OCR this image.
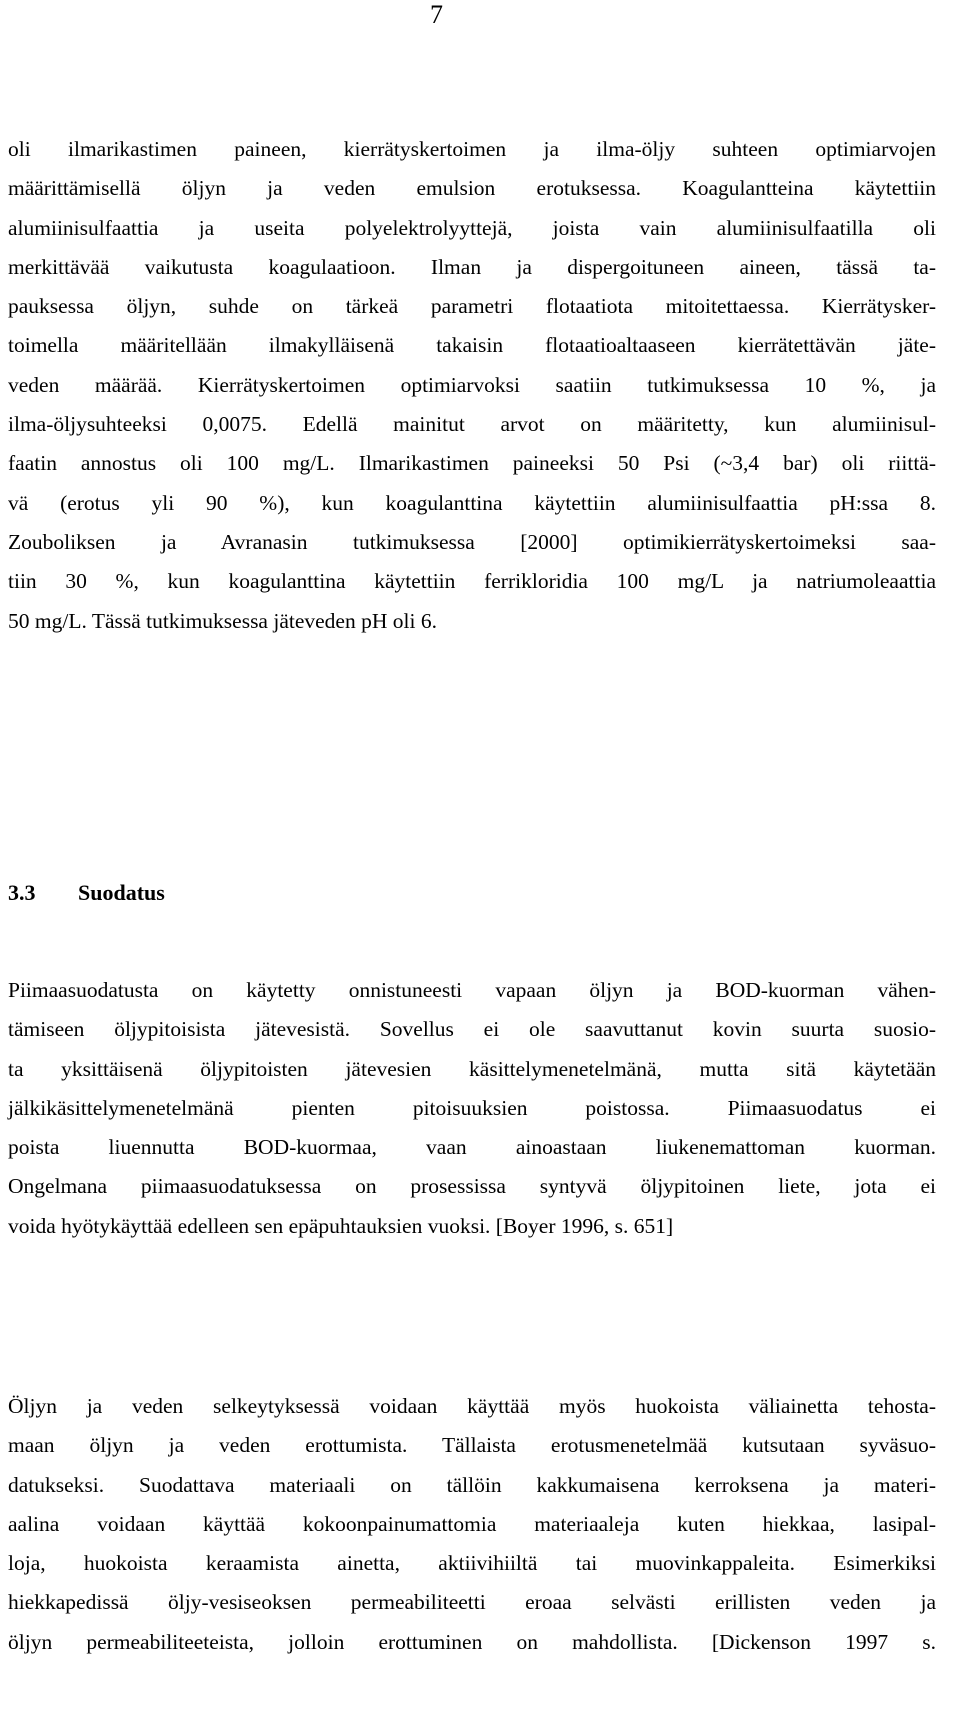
7
oli ilmarikastimen paineen, kierrätyskertoimen ja ilma-öljy suhteen optimiarvojen
määrittämisellä öljyn ja veden emulsion erotuksessa. Koagulantteina käytettiin
alumiinisulfaattia ja useita polyelektrolyyttejä, joista vain alumiinisulfaatilla oli
merkittävää vaikutusta koagulaatioon. Ilman ja dispergoituneen aineen, tässä ta-
pauksessa öljyn, suhde on tärkeä parametri flotaatiota mitoitettaessa. Kierrätysker-
toimella määritellään ilmakylläisenä takaisin flotaatioaltaaseen kierrätettävän jäte-
veden määrää. Kierrätyskertoimen optimiarvoksi saatiin tutkimuksessa 10 %, ja
ilma-öljysuhteeksi 0,0075. Edellä mainitut arvot on määritetty, kun alumiinisul-
faatin annostus oli 100 mg/L. Ilmarikastimen paineeksi 50 Psi (~3,4 bar) oli riittä-
vä (erotus yli 90 %), kun koagulanttina käytettiin alumiinisulfaattia pH:ssa 8.
Zouboliksen ja Avranasin tutkimuksessa [2000] optimikierrätyskertoimeksi saa-
tiin 30 %, kun koagulanttina käytettiin ferrikloridia 100 mg/L ja natriumoleaattia
50 mg/L. Tässä tutkimuksessa jäteveden pH oli 6.
3.3 Suodatus
Piimaasuodatusta on käytetty onnistuneesti vapaan öljyn ja BOD-kuorman vähen-
tämiseen öljypitoisista jätevesistä. Sovellus ei ole saavuttanut kovin suurta suosio-
ta yksittäisenä öljypitoisten jätevesien käsittelymenetelmänä, mutta sitä käytetään
jälkikäsittelymenetelmänä pienten pitoisuuksien poistossa. Piimaasuodatus ei
poista liuennutta BOD-kuormaa, vaan ainoastaan liukenemattoman kuorman.
Ongelmana piimaasuodatuksessa on prosessissa syntyvä öljypitoinen liete, jota ei
voida hyötykäyttää edelleen sen epäpuhtauksien vuoksi. [Boyer 1996, s. 651]
Öljyn ja veden selkeytyksessä voidaan käyttää myös huokoista väliainetta tehosta-
maan öljyn ja veden erottumista. Tällaista erotusmenetelmää kutsutaan syväsuo-
datukseksi. Suodattava materiaali on tällöin kakkumaisena kerroksena ja materi-
aalina voidaan käyttää kokoonpainumattomia materiaaleja kuten hiekkaa, lasipal-
loja, huokoista keraamista ainetta, aktiivihiiltä tai muovinkappaleita. Esimerkiksi
hiekkapedissä öljy-vesiseoksen permeabiliteetti eroaa selvästi erillisten veden ja
öljyn permeabiliteeteista, jolloin erottuminen on mahdollista. [Dickenson 1997 s.
